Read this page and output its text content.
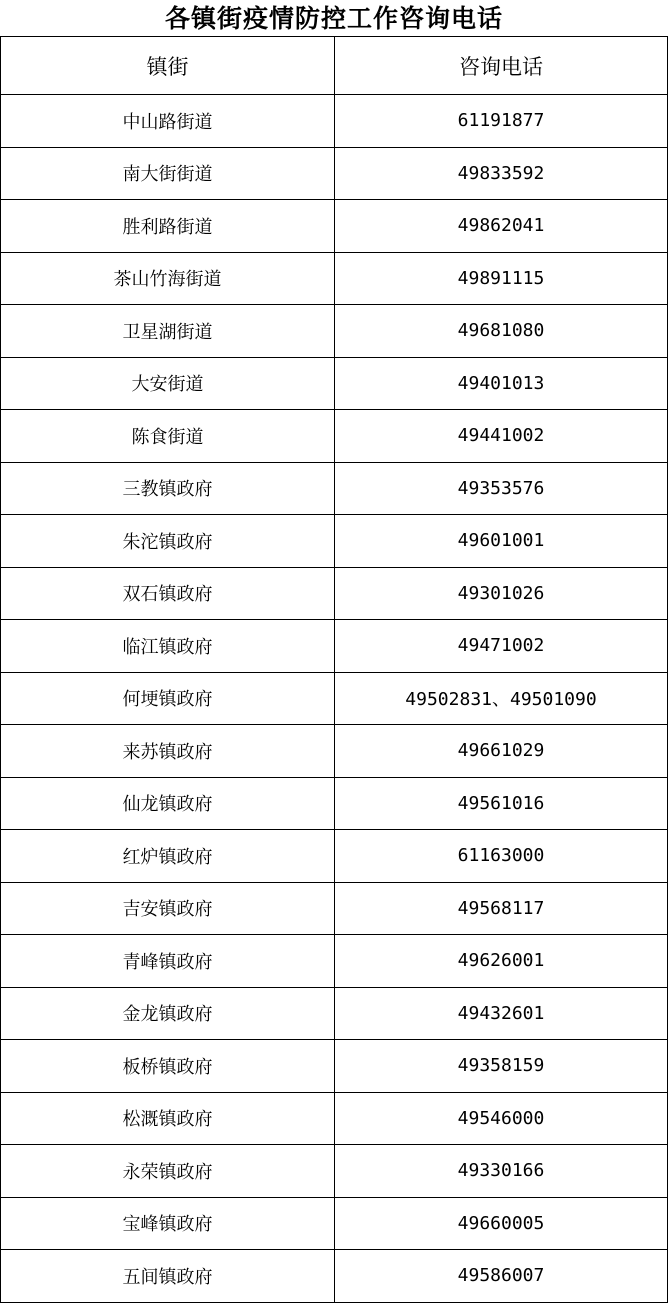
各镇街疫情防控工作咨询电话
镇街	咨询电话
中山路街道	61191877
南大街街道	49833592
胜利路街道	49862041
茶山竹海街道	49891115
卫星湖街道	49681080
大安街道	49401013
陈食街道	49441002
三教镇政府	49353576
朱沱镇政府	49601001
双石镇政府	49301026
临江镇政府	49471002
何埂镇政府	49502831、49501090
来苏镇政府	49661029
仙龙镇政府	49561016
红炉镇政府	61163000
吉安镇政府	49568117
青峰镇政府	49626001
金龙镇政府	49432601
板桥镇政府	49358159
松溉镇政府	49546000
永荣镇政府	49330166
宝峰镇政府	49660005
五间镇政府	49586007
